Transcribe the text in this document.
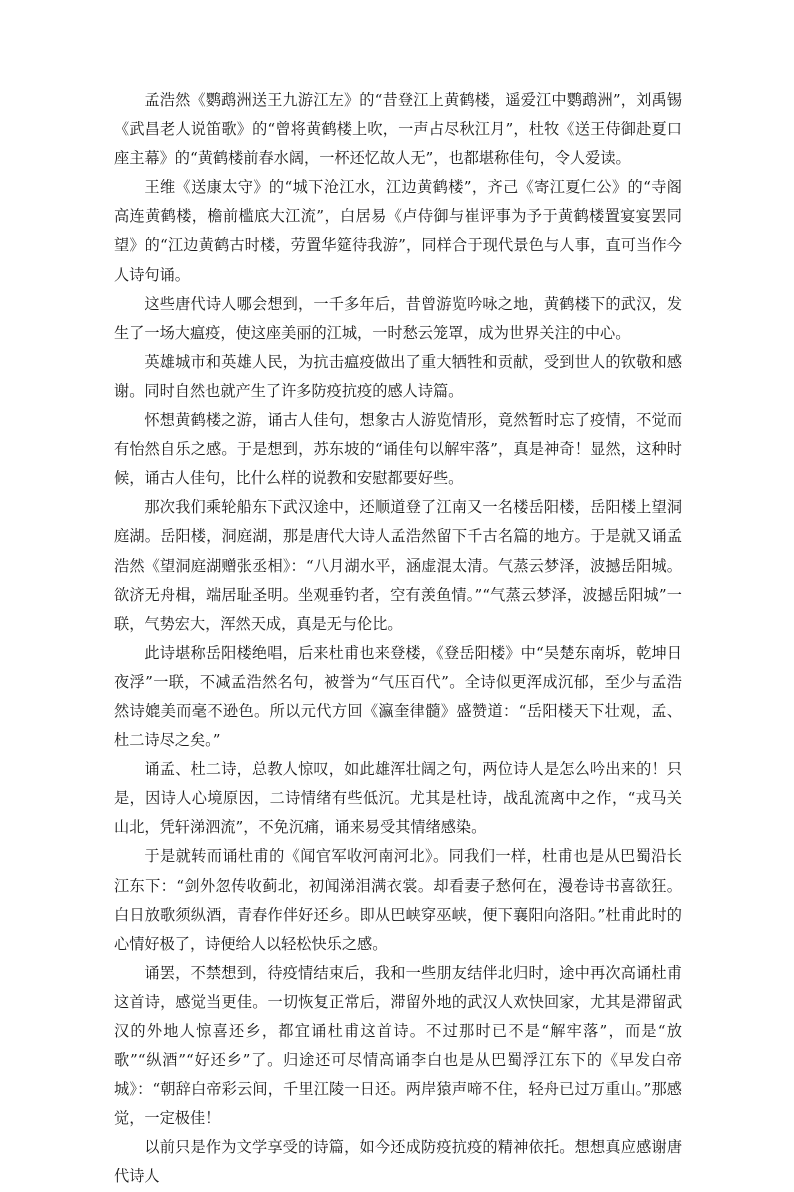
孟浩然《鹦鹉洲送王九游江左》的“昔登江上黄鹤楼，遥爱江中鹦鹉洲”，刘禹锡《武昌老人说笛歌》的“曾将黄鹤楼上吹，一声占尽秋江月”，杜牧《送王侍御赴夏口座主幕》的“黄鹤楼前春水阔，一杯还忆故人无”，也都堪称佳句，令人爱读。

王维《送康太守》的“城下沧江水，江边黄鹤楼”，齐己《寄江夏仁公》的“寺阁高连黄鹤楼，檐前槛底大江流”，白居易《卢侍御与崔评事为予于黄鹤楼置宴宴罢同望》的“江边黄鹤古时楼，劳置华筵待我游”，同样合于现代景色与人事，直可当作今人诗句诵。

这些唐代诗人哪会想到，一千多年后，昔曾游览吟咏之地，黄鹤楼下的武汉，发生了一场大瘟疫，使这座美丽的江城，一时愁云笼罩，成为世界关注的中心。

英雄城市和英雄人民，为抗击瘟疫做出了重大牺牲和贡献，受到世人的钦敬和感谢。同时自然也就产生了许多防疫抗疫的感人诗篇。

怀想黄鹤楼之游，诵古人佳句，想象古人游览情形，竟然暂时忘了疫情，不觉而有怡然自乐之感。于是想到，苏东坡的“诵佳句以解牢落”，真是神奇！显然，这种时候，诵古人佳句，比什么样的说教和安慰都要好些。

那次我们乘轮船东下武汉途中，还顺道登了江南又一名楼岳阳楼，岳阳楼上望洞庭湖。岳阳楼，洞庭湖，那是唐代大诗人孟浩然留下千古名篇的地方。于是就又诵孟浩然《望洞庭湖赠张丞相》：“八月湖水平，涵虚混太清。气蒸云梦泽，波撼岳阳城。欲济无舟楫，端居耻圣明。坐观垂钓者，空有羡鱼情。”“气蒸云梦泽，波撼岳阳城”一联，气势宏大，浑然天成，真是无与伦比。

此诗堪称岳阳楼绝唱，后来杜甫也来登楼，《登岳阳楼》中“吴楚东南坼，乾坤日夜浮”一联，不减孟浩然名句，被誉为“气压百代”。全诗似更浑成沉郁，至少与孟浩然诗媲美而毫不逊色。所以元代方回《瀛奎律髓》盛赞道：“岳阳楼天下壮观，孟、杜二诗尽之矣。”

诵孟、杜二诗，总教人惊叹，如此雄浑壮阔之句，两位诗人是怎么吟出来的！只是，因诗人心境原因，二诗情绪有些低沉。尤其是杜诗，战乱流离中之作，“戎马关山北，凭轩涕泗流”，不免沉痛，诵来易受其情绪感染。

于是就转而诵杜甫的《闻官军收河南河北》。同我们一样，杜甫也是从巴蜀沿长江东下：“剑外忽传收蓟北，初闻涕泪满衣裳。却看妻子愁何在，漫卷诗书喜欲狂。白日放歌须纵酒，青春作伴好还乡。即从巴峡穿巫峡，便下襄阳向洛阳。”杜甫此时的心情好极了，诗便给人以轻松快乐之感。

诵罢，不禁想到，待疫情结束后，我和一些朋友结伴北归时，途中再次高诵杜甫这首诗，感觉当更佳。一切恢复正常后，滞留外地的武汉人欢快回家，尤其是滞留武汉的外地人惊喜还乡，都宜诵杜甫这首诗。不过那时已不是“解牢落”，而是“放歌”“纵酒”“好还乡”了。归途还可尽情高诵李白也是从巴蜀浮江东下的《早发白帝城》：“朝辞白帝彩云间，千里江陵一日还。两岸猿声啼不住，轻舟已过万重山。”那感觉，一定极佳！

以前只是作为文学享受的诗篇，如今还成防疫抗疫的精神依托。想想真应感谢唐代诗人
